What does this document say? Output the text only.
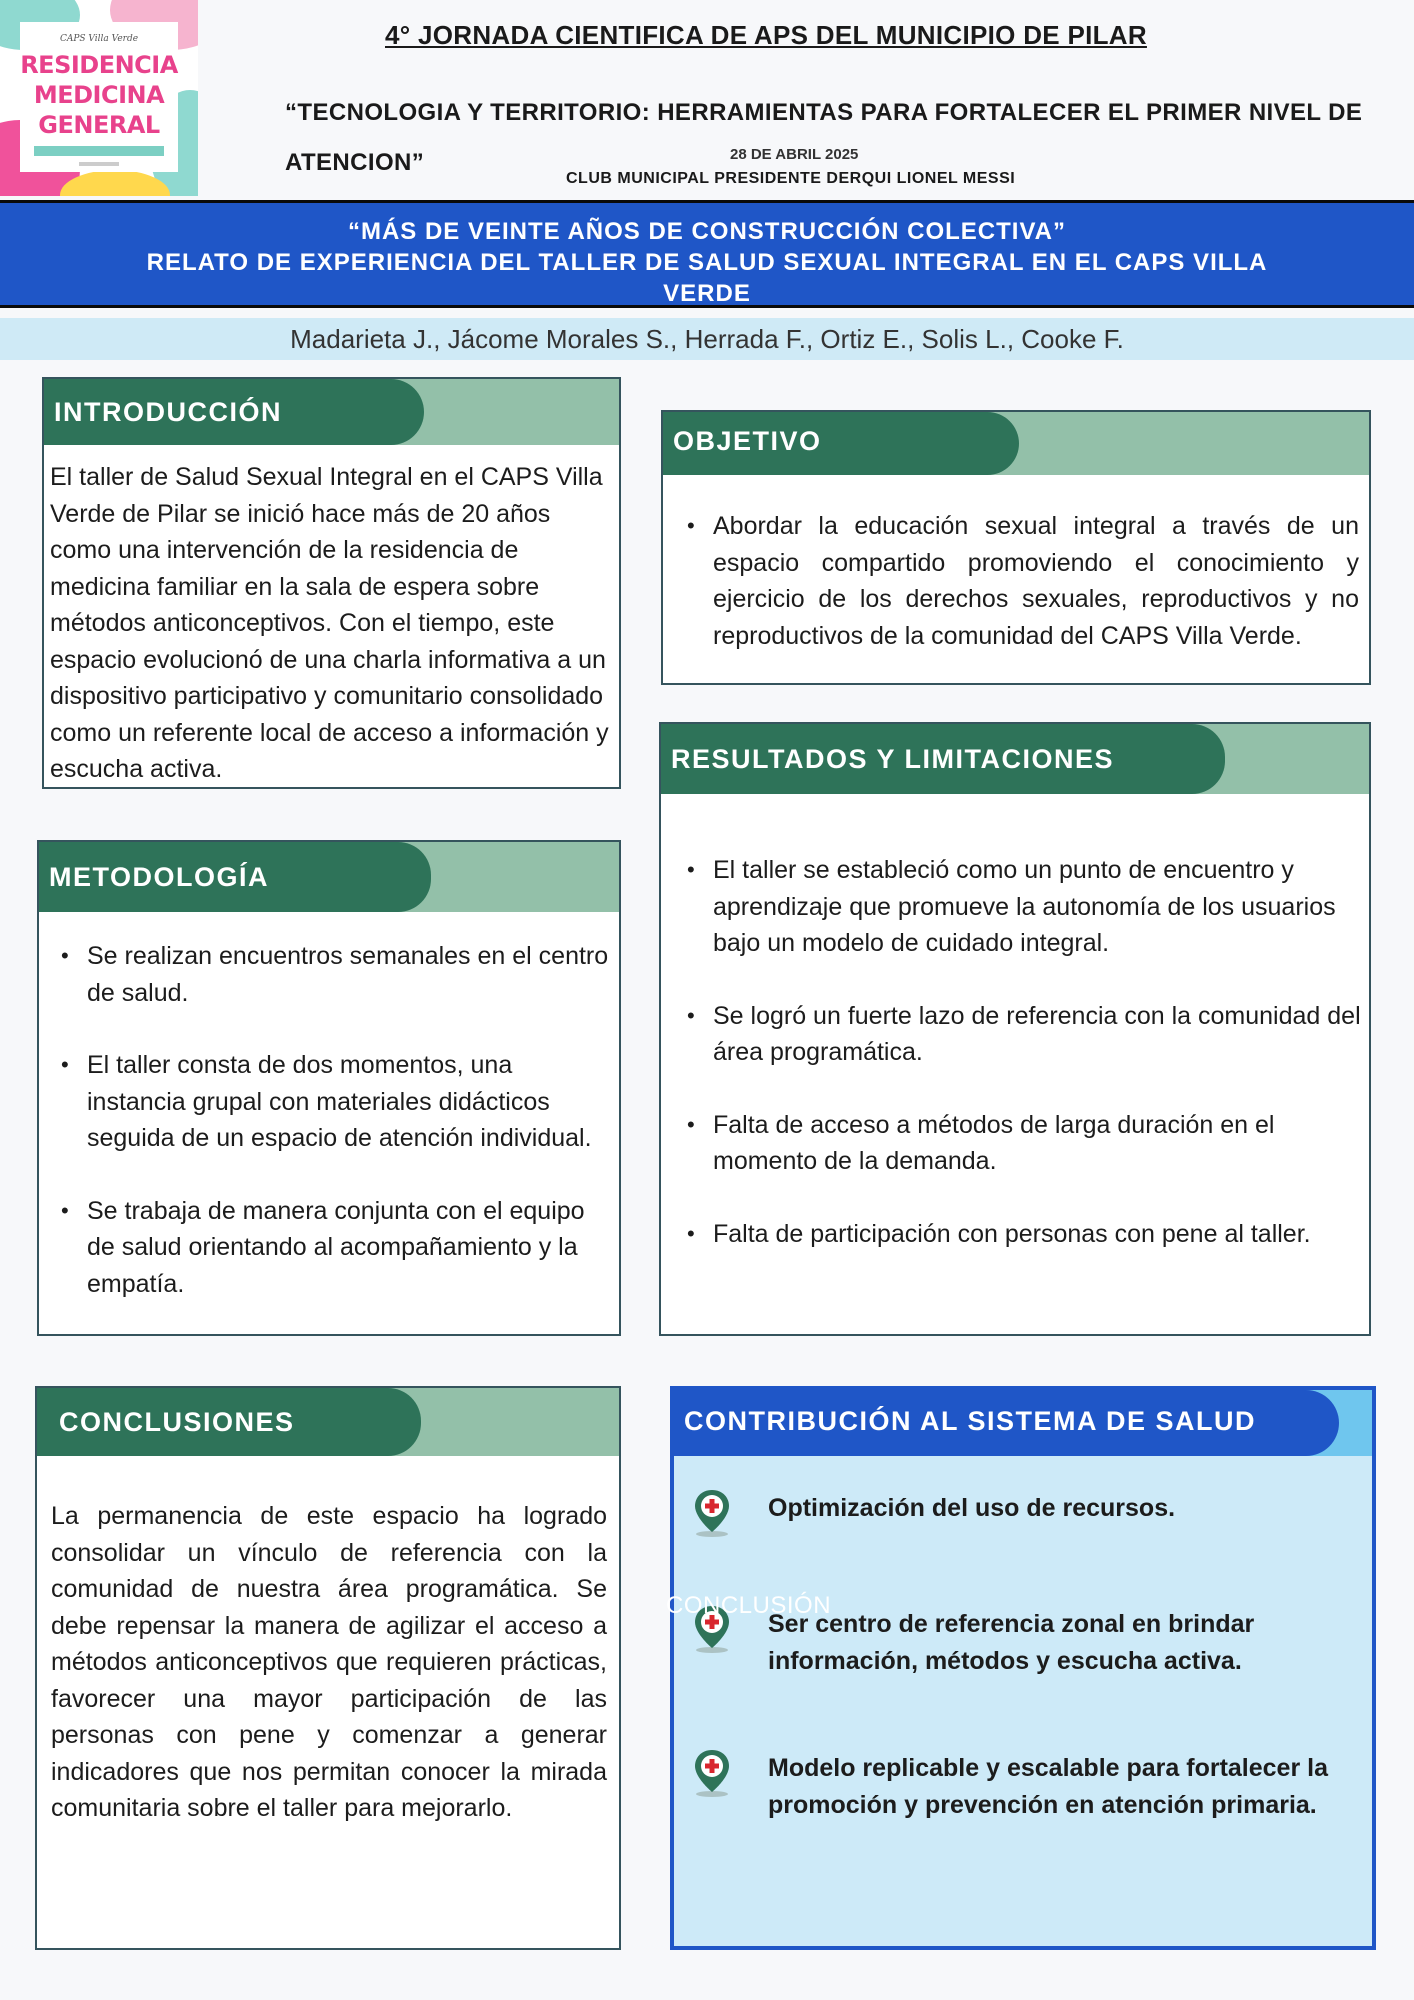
CAPS Villa Verde
RESIDENCIA
MEDICINA
GENERAL
4° JORNADA CIENTIFICA DE APS DEL MUNICIPIO DE PILAR
“TECNOLOGIA Y TERRITORIO: HERRAMIENTAS PARA FORTALECER EL PRIMER NIVEL DE ATENCION”	28 DE ABRIL 2025
CLUB MUNICIPAL PRESIDENTE DERQUI LIONEL MESSI
“MÁS DE VEINTE AÑOS DE CONSTRUCCIÓN COLECTIVA”
RELATO DE EXPERIENCIA DEL TALLER DE SALUD SEXUAL INTEGRAL EN EL CAPS VILLA VERDE
Madarieta J., Jácome Morales S., Herrada F., Ortiz E., Solis L., Cooke F.
INTRODUCCIÓN
El taller de Salud Sexual Integral en el CAPS Villa Verde de Pilar se inició hace más de 20 años como una intervención de la residencia de medicina familiar en la sala de espera sobre métodos anticonceptivos. Con el tiempo, este espacio evolucionó de una charla informativa a un dispositivo participativo y comunitario consolidado como un referente local de acceso a información y escucha activa.
OBJETIVO
• Abordar la educación sexual integral a través de un espacio compartido promoviendo el conocimiento y ejercicio de los derechos sexuales, reproductivos y no reproductivos de la comunidad del CAPS Villa Verde.
METODOLOGÍA
• Se realizan encuentros semanales en el centro de salud.
• El taller consta de dos momentos, una instancia grupal con materiales didácticos seguida de un espacio de atención individual.
• Se trabaja de manera conjunta con el equipo de salud orientando al acompañamiento y la empatía.
RESULTADOS Y LIMITACIONES
• El taller se estableció como un punto de encuentro y aprendizaje que promueve la autonomía de los usuarios bajo un modelo de cuidado integral.
• Se logró un fuerte lazo de referencia con la comunidad del área programática.
• Falta de acceso a métodos de larga duración en el momento de la demanda.
• Falta de participación con personas con pene al taller.
CONCLUSIONES
La permanencia de este espacio ha logrado consolidar un vínculo de referencia con la comunidad de nuestra área programática. Se debe repensar la manera de agilizar el acceso a métodos anticonceptivos que requieren prácticas, favorecer una mayor participación de las personas con pene y comenzar a generar indicadores que nos permitan conocer la mirada comunitaria sobre el taller para mejorarlo.
CONTRIBUCIÓN AL SISTEMA DE SALUD
Optimización del uso de recursos.
Ser centro de referencia zonal en brindar información, métodos y escucha activa.
Modelo replicable y escalable para fortalecer la promoción y prevención en atención primaria.
CONCLUSIÓN
